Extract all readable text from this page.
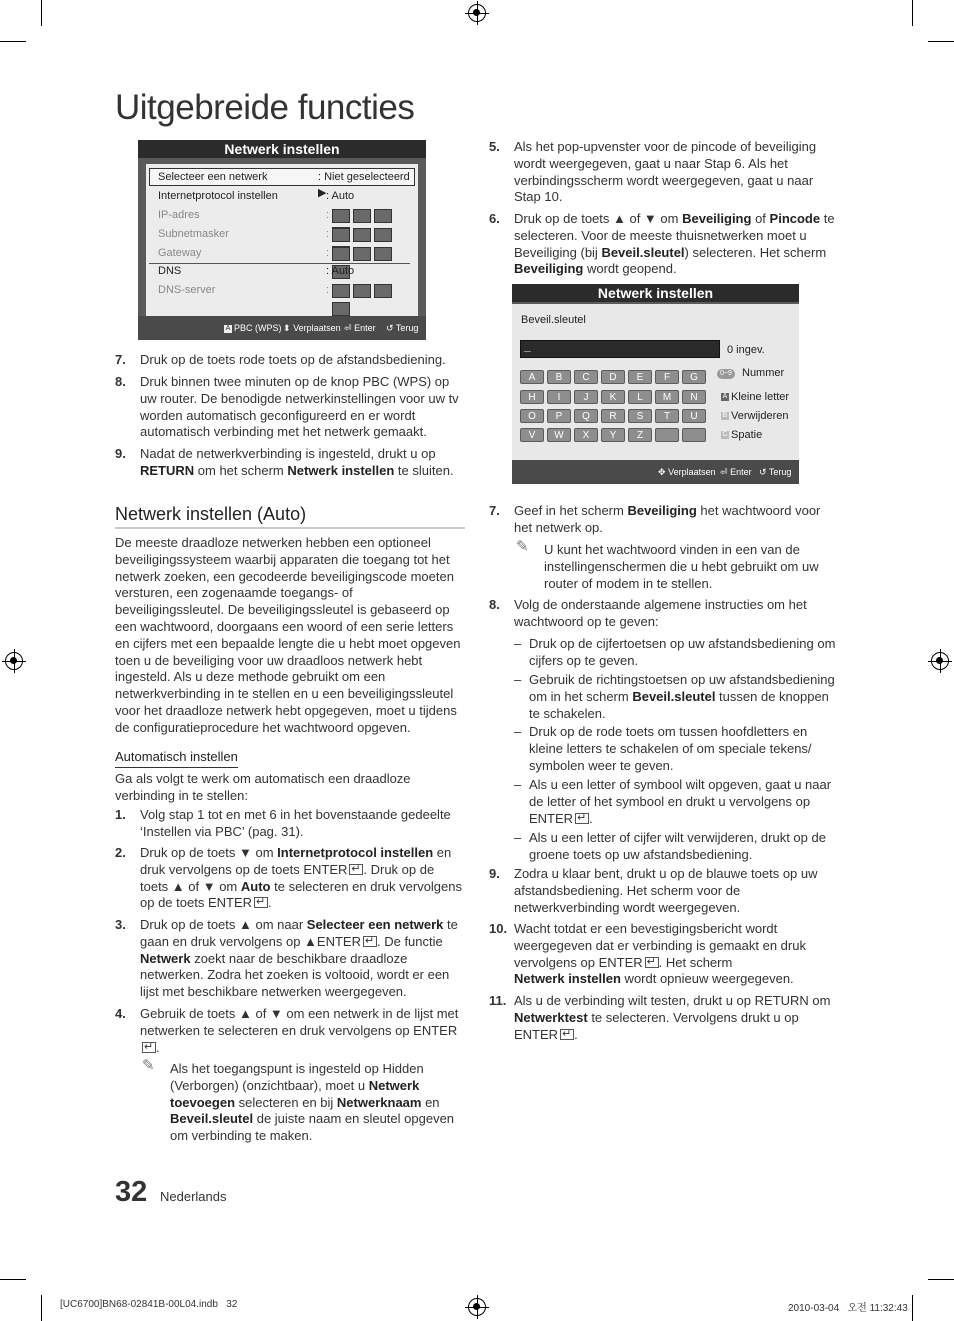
Uitgebreide functies
Netwerk instellen
Selecteer een netwerk	: Niet geselecteerd ▶
Internetprotocol instellen	: Auto
IP-adres	:
Subnetmasker	:
Gateway	:
DNS	: Auto
DNS-server	:
A PBC (WPS) ⬍ Verplaatsen ⏎ Enter ↺ Terug
7. Druk op de toets rode toets op de afstandsbediening.
8. Druk binnen twee minuten op de knop PBC (WPS) op uw router. De benodigde netwerkinstellingen voor uw tv worden automatisch geconfigureerd en er wordt automatisch verbinding met het netwerk gemaakt.
9. Nadat de netwerkverbinding is ingesteld, drukt u op RETURN om het scherm Netwerk instellen te sluiten.
Netwerk instellen (Auto)
De meeste draadloze netwerken hebben een optioneel beveiligingssysteem waarbij apparaten die toegang tot het netwerk zoeken, een gecodeerde beveiligingscode moeten versturen, een zogenaamde toegangs- of beveiligingssleutel. De beveiligingssleutel is gebaseerd op een wachtwoord, doorgaans een woord of een serie letters en cijfers met een bepaalde lengte die u hebt moet opgeven toen u de beveiliging voor uw draadloos netwerk hebt ingesteld. Als u deze methode gebruikt om een netwerkverbinding in te stellen en u een beveiligingssleutel voor het draadloze netwerk hebt opgegeven, moet u tijdens de configuratieprocedure het wachtwoord opgeven.
Automatisch instellen
Ga als volgt te werk om automatisch een draadloze verbinding in te stellen:
1. Volg stap 1 tot en met 6 in het bovenstaande gedeelte ‘Instellen via PBC’ (pag. 31).
2. Druk op de toets ▼ om Internetprotocol instellen en druk vervolgens op de toets ENTER ↵ . Druk op de toets ▲ of ▼ om Auto te selecteren en druk vervolgens op de toets ENTER ↵ .
3. Druk op de toets ▲ om naar Selecteer een netwerk te gaan en druk vervolgens op ▲ENTER ↵ . De functie Netwerk zoekt naar de beschikbare draadloze netwerken. Zodra het zoeken is voltooid, wordt er een lijst met beschikbare netwerken weergegeven.
4. Gebruik de toets ▲ of ▼ om een netwerk in de lijst met netwerken te selecteren en druk vervolgens op ENTER↵.
✎ Als het toegangspunt is ingesteld op Hidden (Verborgen) (onzichtbaar), moet u Netwerk toevoegen selecteren en bij Netwerknaam en Beveil.sleutel de juiste naam en sleutel opgeven om verbinding te maken.
5. Als het pop-upvenster voor de pincode of beveiliging wordt weergegeven, gaat u naar Stap 6. Als het verbindingsscherm wordt weergegeven, gaat u naar Stap 10.
6. Druk op de toets ▲ of ▼ om Beveiliging of Pincode te selecteren. Voor de meeste thuisnetwerken moet u Beveiliging (bij Beveil.sleutel) selecteren. Het scherm Beveiliging wordt geopend.
Netwerk instellen
Beveil.sleutel
_	0 ingev.
0~9 Nummer
A	B	C	D	E	F	G
H	I	J	K	L	M	N
O	P	Q	R	S	T	U
V	W	X	Y	Z
A Kleine letter
B Verwijderen
C Spatie
✥ Verplaatsen ⏎ Enter ↺ Terug
7. Geef in het scherm Beveiliging het wachtwoord voor het netwerk op.
✎ U kunt het wachtwoord vinden in een van de instellingenschermen die u hebt gebruikt om uw router of modem in te stellen.
8. Volg de onderstaande algemene instructies om het wachtwoord op te geven:
– Druk op de cijfertoetsen op uw afstandsbediening om cijfers op te geven.
– Gebruik de richtingstoetsen op uw afstandsbediening om in het scherm Beveil.sleutel tussen de knoppen te schakelen.
– Druk op de rode toets om tussen hoofdletters en kleine letters te schakelen of om speciale tekens/ symbolen weer te geven.
– Als u een letter of symbool wilt opgeven, gaat u naar de letter of het symbool en drukt u vervolgens op ENTER ↵ .
– Als u een letter of cijfer wilt verwijderen, drukt op de groene toets op uw afstandsbediening.
9. Zodra u klaar bent, drukt u op de blauwe toets op uw afstandsbediening. Het scherm voor de netwerkverbinding wordt weergegeven.
10. Wacht totdat er een bevestigingsbericht wordt weergegeven dat er verbinding is gemaakt en druk vervolgens op ENTER ↵ . Het scherm
Netwerk instellen wordt opnieuw weergegeven.
11. Als u de verbinding wilt testen, drukt u op RETURN om Netwerktest te selecteren. Vervolgens drukt u op ENTER ↵ .
32 Nederlands
[UC6700]BN68-02841B-00L04.indb   32	2010-03-04   오전 11:32:43
